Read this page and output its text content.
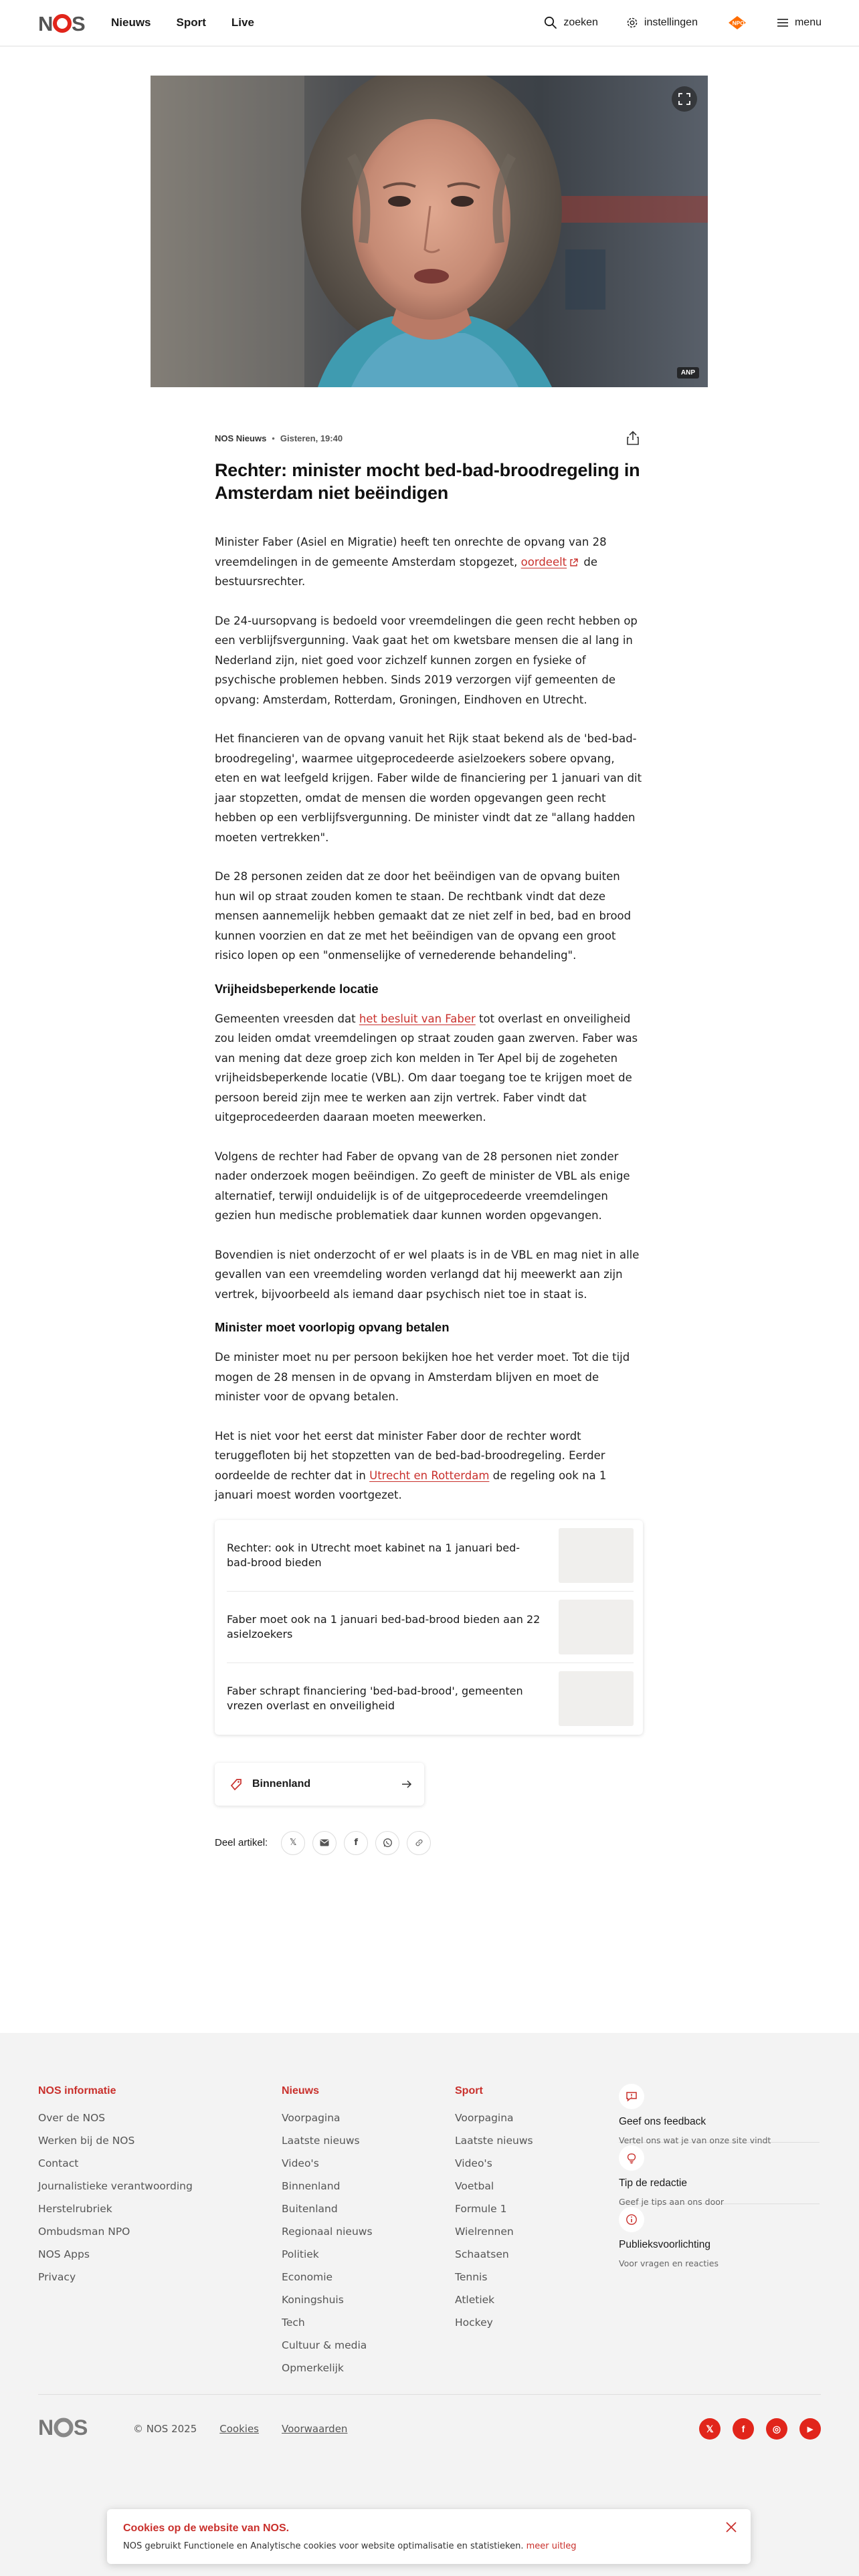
N S Nieuws Sport Live	zoeken	instellingen	NPO	menu
ANP
NOS Nieuws • Gisteren, 19:40
Rechter: minister mocht bed-bad-broodregeling in Amsterdam niet beëindigen

Minister Faber (Asiel en Migratie) heeft ten onrechte de opvang van 28 vreemdelingen in de gemeente Amsterdam stopgezet, oordeelt de bestuursrechter.

De 24-uursopvang is bedoeld voor vreemdelingen die geen recht hebben op een verblijfsvergunning. Vaak gaat het om kwetsbare mensen die al lang in Nederland zijn, niet goed voor zichzelf kunnen zorgen en fysieke of psychische problemen hebben. Sinds 2019 verzorgen vijf gemeenten de opvang: Amsterdam, Rotterdam, Groningen, Eindhoven en Utrecht.

Het financieren van de opvang vanuit het Rijk staat bekend als de 'bed-bad-broodregeling', waarmee uitgeprocedeerde asielzoekers sobere opvang, eten en wat leefgeld krijgen. Faber wilde de financiering per 1 januari van dit jaar stopzetten, omdat de mensen die worden opgevangen geen recht hebben op een verblijfsvergunning. De minister vindt dat ze "allang hadden moeten vertrekken".

De 28 personen zeiden dat ze door het beëindigen van de opvang buiten hun wil op straat zouden komen te staan. De rechtbank vindt dat deze mensen aannemelijk hebben gemaakt dat ze niet zelf in bed, bad en brood kunnen voorzien en dat ze met het beëindigen van de opvang een groot risico lopen op een "onmenselijke of vernederende behandeling".

Vrijheidsbeperkende locatie

Gemeenten vreesden dat het besluit van Faber tot overlast en onveiligheid zou leiden omdat vreemdelingen op straat zouden gaan zwerven. Faber was van mening dat deze groep zich kon melden in Ter Apel bij de zogeheten vrijheidsbeperkende locatie (VBL). Om daar toegang toe te krijgen moet de persoon bereid zijn mee te werken aan zijn vertrek. Faber vindt dat uitgeprocedeerden daaraan moeten meewerken.

Volgens de rechter had Faber de opvang van de 28 personen niet zonder nader onderzoek mogen beëindigen. Zo geeft de minister de VBL als enige alternatief, terwijl onduidelijk is of de uitgeprocedeerde vreemdelingen gezien hun medische problematiek daar kunnen worden opgevangen.

Bovendien is niet onderzocht of er wel plaats is in de VBL en mag niet in alle gevallen van een vreemdeling worden verlangd dat hij meewerkt aan zijn vertrek, bijvoorbeeld als iemand daar psychisch niet toe in staat is.

Minister moet voorlopig opvang betalen

De minister moet nu per persoon bekijken hoe het verder moet. Tot die tijd mogen de 28 mensen in de opvang in Amsterdam blijven en moet de minister voor de opvang betalen.

Het is niet voor het eerst dat minister Faber door de rechter wordt teruggefloten bij het stopzetten van de bed-bad-broodregeling. Eerder oordeelde de rechter dat in Utrecht en Rotterdam de regeling ook na 1 januari moest worden voortgezet.

Rechter: ook in Utrecht moet kabinet na 1 januari bed-bad-brood bieden
Faber moet ook na 1 januari bed-bad-brood bieden aan 22 asielzoekers
Faber schrapt financiering 'bed-bad-brood', gemeenten vrezen overlast en onveiligheid
Binnenland
Deel artikel:	𝕏	f
NOS informatie
Over de NOS
Werken bij de NOS
Contact
Journalistieke verantwoording
Herstelrubriek
Ombudsman NPO
NOS Apps
Privacy
Nieuws
Voorpagina
Laatste nieuws
Video's
Binnenland
Buitenland
Regionaal nieuws
Politiek
Economie
Koningshuis
Tech
Cultuur & media
Opmerkelijk
Sport
Voorpagina
Laatste nieuws
Video's
Voetbal
Formule 1
Wielrennen
Schaatsen
Tennis
Atletiek
Hockey
Geef ons feedback
Vertel ons wat je van onze site vindt
Tip de redactie
Geef je tips aan ons door
Publieksvoorlichting
Voor vragen en reacties
N S	© NOS 2025 Cookies Voorwaarden	𝕏	f	◎	▶
Cookies op de website van NOS.
NOS gebruikt Functionele en Analytische cookies voor website optimalisatie en statistieken. meer uitleg
